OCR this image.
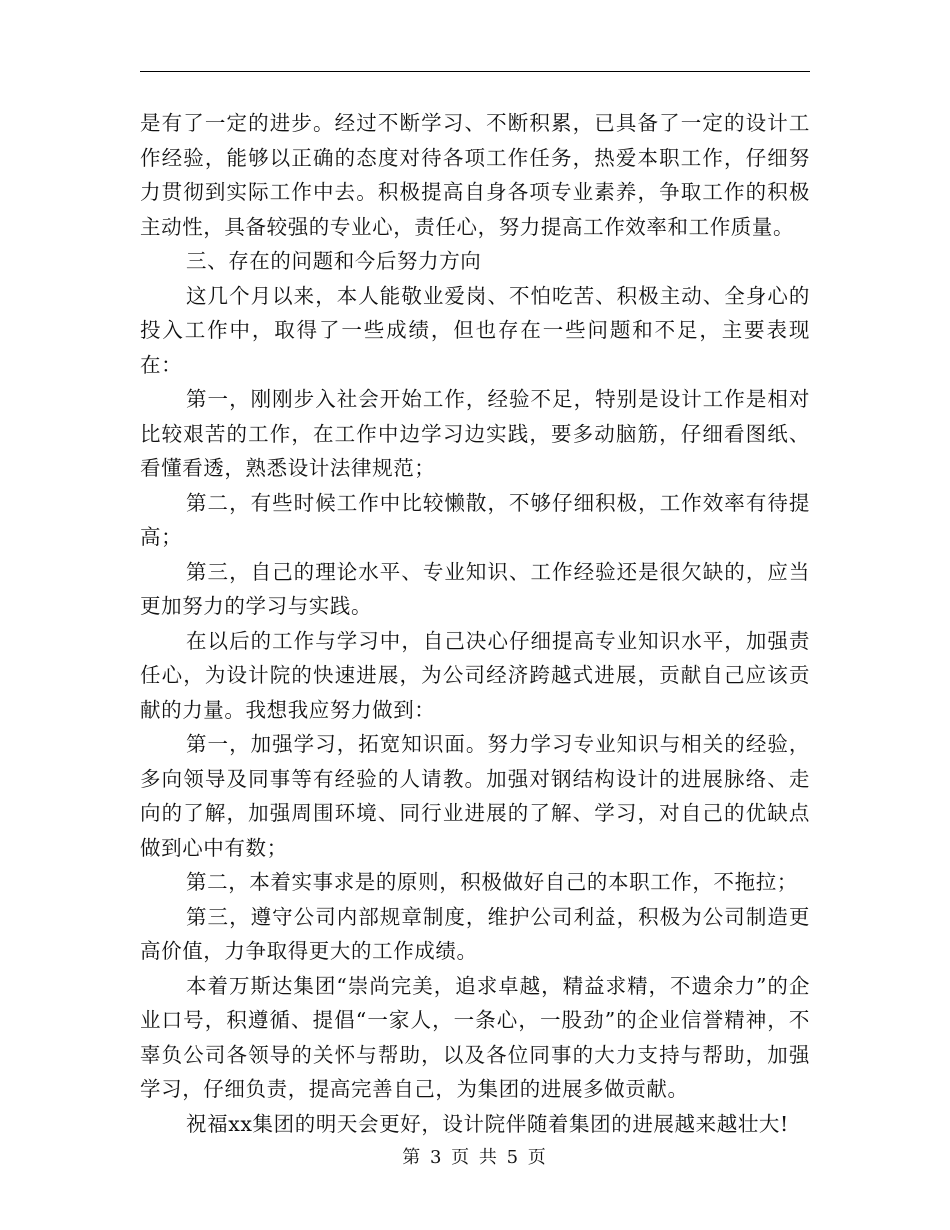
是有了一定的进步。经过不断学习、不断积累，已具备了一定的设计工作经验，能够以正确的态度对待各项工作任务，热爱本职工作，仔细努力贯彻到实际工作中去。积极提高自身各项专业素养，争取工作的积极主动性，具备较强的专业心，责任心，努力提高工作效率和工作质量。

三、存在的问题和今后努力方向

这几个月以来，本人能敬业爱岗、不怕吃苦、积极主动、全身心的投入工作中，取得了一些成绩，但也存在一些问题和不足，主要表现在：

第一，刚刚步入社会开始工作，经验不足，特别是设计工作是相对比较艰苦的工作，在工作中边学习边实践，要多动脑筋，仔细看图纸、看懂看透，熟悉设计法律规范；

第二，有些时候工作中比较懒散，不够仔细积极，工作效率有待提高；

第三，自己的理论水平、专业知识、工作经验还是很欠缺的，应当更加努力的学习与实践。

在以后的工作与学习中，自己决心仔细提高专业知识水平，加强责任心，为设计院的快速进展，为公司经济跨越式进展，贡献自己应该贡献的力量。我想我应努力做到：

第一，加强学习，拓宽知识面。努力学习专业知识与相关的经验，多向领导及同事等有经验的人请教。加强对钢结构设计的进展脉络、走向的了解，加强周围环境、同行业进展的了解、学习，对自己的优缺点做到心中有数；

第二，本着实事求是的原则，积极做好自己的本职工作，不拖拉；

第三，遵守公司内部规章制度，维护公司利益，积极为公司制造更高价值，力争取得更大的工作成绩。

本着万斯达集团“崇尚完美，追求卓越，精益求精，不遗余力”的企业口号，积遵循、提倡“一家人，一条心，一股劲”的企业信誉精神，不辜负公司各领导的关怀与帮助，以及各位同事的大力支持与帮助，加强学习，仔细负责，提高完善自己，为集团的进展多做贡献。

祝福xx集团的明天会更好，设计院伴随着集团的进展越来越壮大!

第 3 页 共 5 页
